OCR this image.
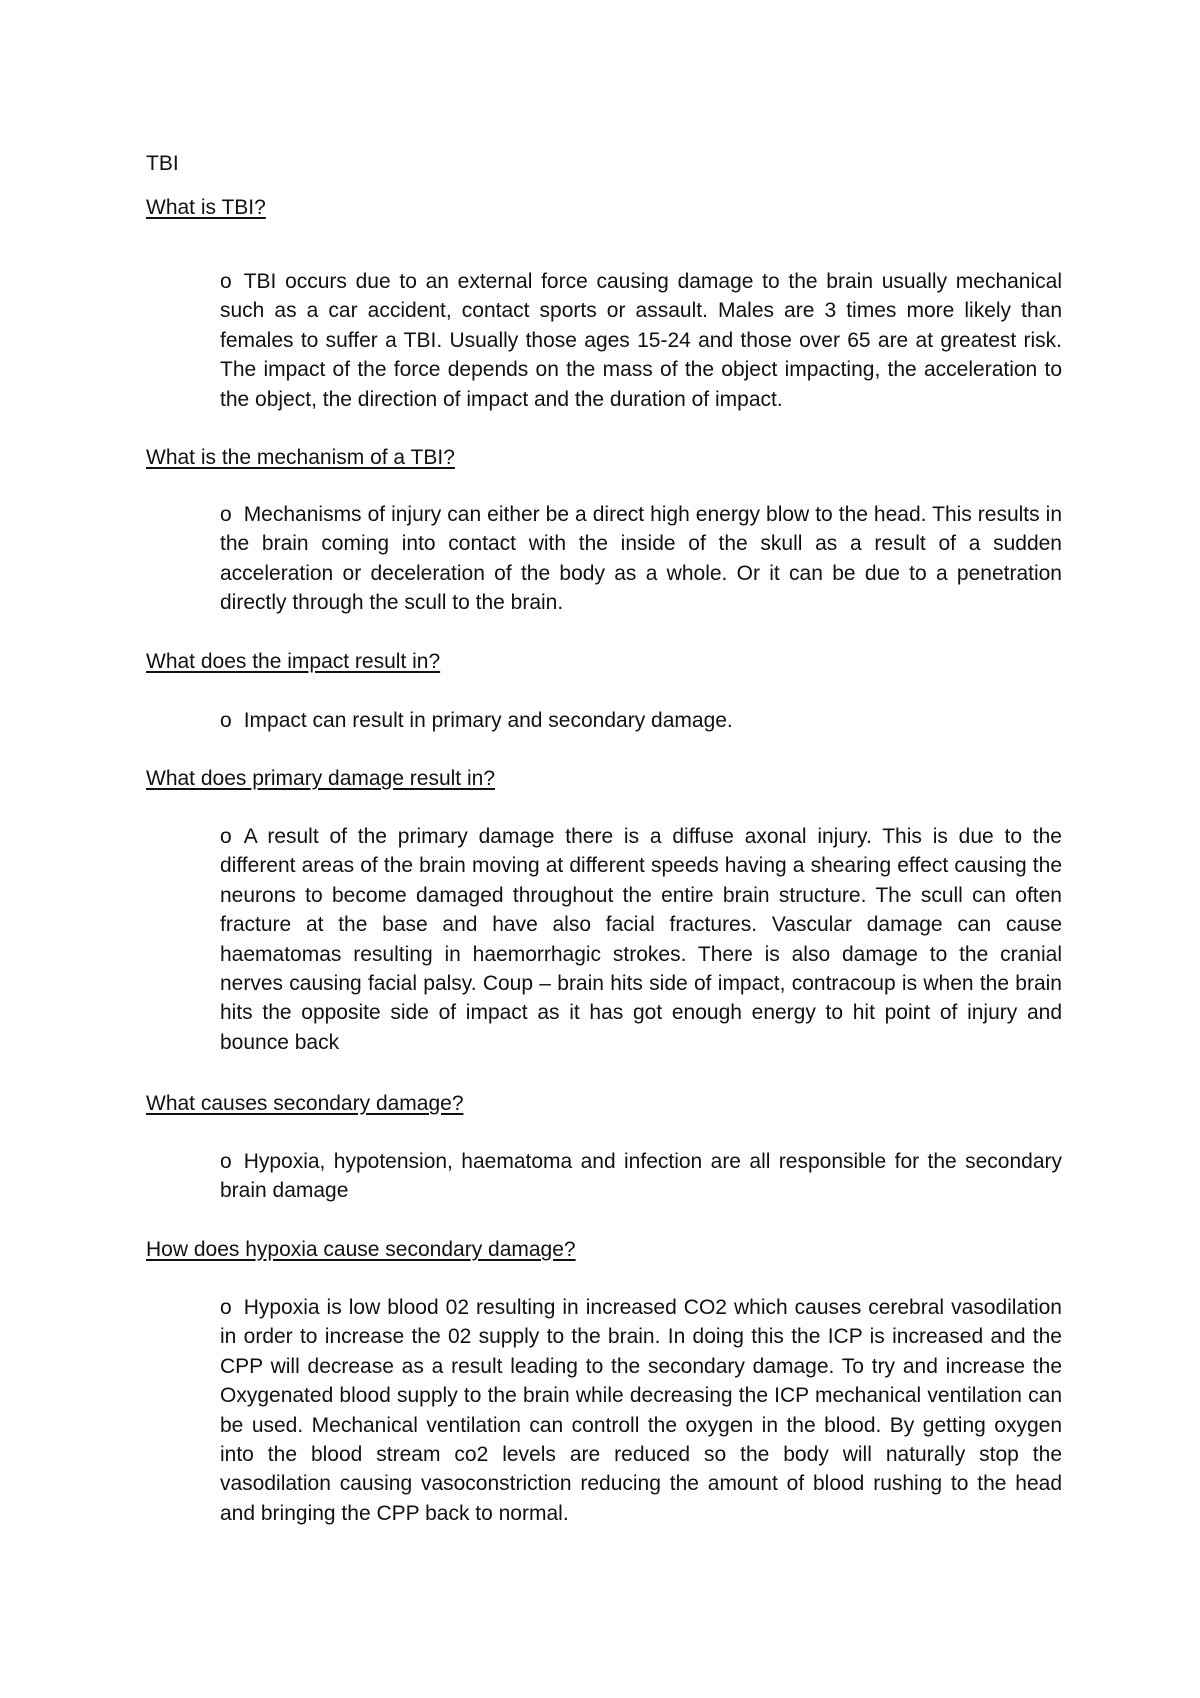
TBI
What is TBI?
o TBI occurs due to an external force causing damage to the brain usually mechanical such as a car accident, contact sports or assault. Males are 3 times more likely than females to suffer a TBI. Usually those ages 15-24 and those over 65 are at greatest risk. The impact of the force depends on the mass of the object impacting, the acceleration to the object, the direction of impact and the duration of impact.
What is the mechanism of a TBI?
o Mechanisms of injury can either be a direct high energy blow to the head. This results in the brain coming into contact with the inside of the skull as a result of a sudden acceleration or deceleration of the body as a whole. Or it can be due to a penetration directly through the scull to the brain.
What does the impact result in?
o Impact can result in primary and secondary damage.
What does primary damage result in?
o A result of the primary damage there is a diffuse axonal injury. This is due to the different areas of the brain moving at different speeds having a shearing effect causing the neurons to become damaged throughout the entire brain structure. The scull can often fracture at the base and have also facial fractures. Vascular damage can cause haematomas resulting in haemorrhagic strokes. There is also damage to the cranial nerves causing facial palsy. Coup – brain hits side of impact, contracoup is when the brain hits the opposite side of impact as it has got enough energy to hit point of injury and bounce back
What causes secondary damage?
o Hypoxia, hypotension, haematoma and infection are all responsible for the secondary brain damage
How does hypoxia cause secondary damage?
o Hypoxia is low blood 02 resulting in increased CO2 which causes cerebral vasodilation in order to increase the 02 supply to the brain. In doing this the ICP is increased and the CPP will decrease as a result leading to the secondary damage. To try and increase the Oxygenated blood supply to the brain while decreasing the ICP mechanical ventilation can be used. Mechanical ventilation can controll the oxygen in the blood. By getting oxygen into the blood stream co2 levels are reduced so the body will naturally stop the vasodilation causing vasoconstriction reducing the amount of blood rushing to the head and bringing the CPP back to normal.
